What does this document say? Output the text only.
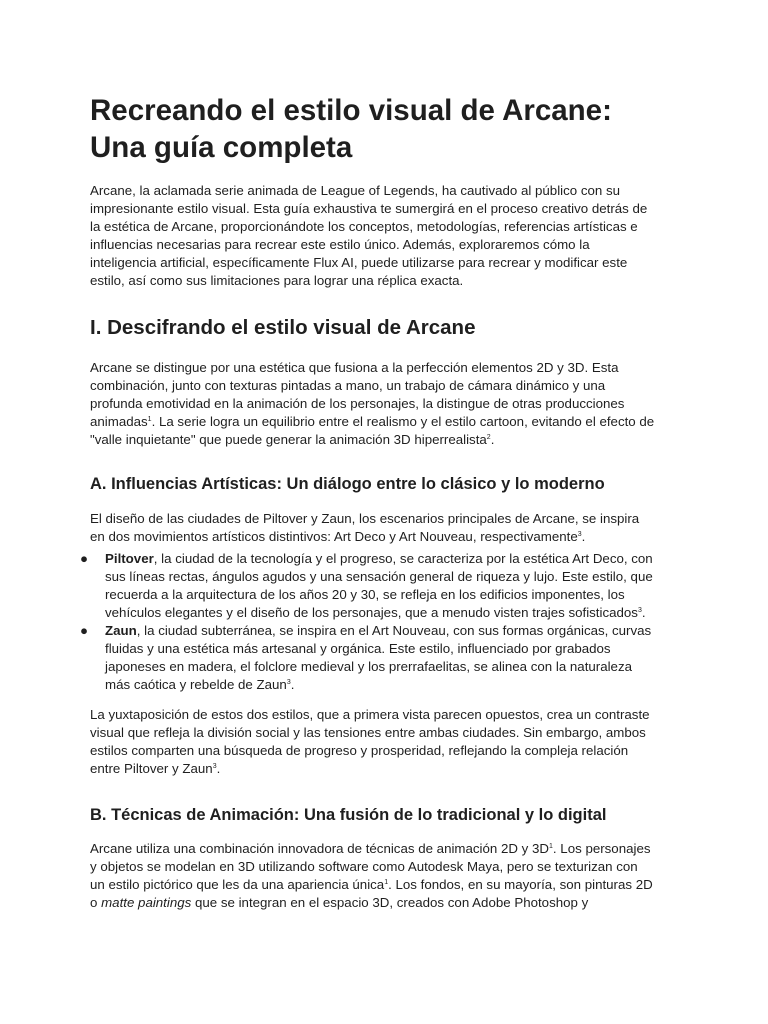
Recreando el estilo visual de Arcane:
Una guía completa

Arcane, la aclamada serie animada de League of Legends, ha cautivado al público con su
impresionante estilo visual. Esta guía exhaustiva te sumergirá en el proceso creativo detrás de
la estética de Arcane, proporcionándote los conceptos, metodologías, referencias artísticas e
influencias necesarias para recrear este estilo único. Además, exploraremos cómo la
inteligencia artificial, específicamente Flux AI, puede utilizarse para recrear y modificar este
estilo, así como sus limitaciones para lograr una réplica exacta.

I. Descifrando el estilo visual de Arcane

Arcane se distingue por una estética que fusiona a la perfección elementos 2D y 3D. Esta
combinación, junto con texturas pintadas a mano, un trabajo de cámara dinámico y una
profunda emotividad en la animación de los personajes, la distingue de otras producciones
animadas$^1$. La serie logra un equilibrio entre el realismo y el estilo cartoon, evitando el efecto de
"valle inquietante" que puede generar la animación 3D hiperrealista$^2$.

A. Influencias Artísticas: Un diálogo entre lo clásico y lo moderno

El diseño de las ciudades de Piltover y Zaun, los escenarios principales de Arcane, se inspira
en dos movimientos artísticos distintivos: Art Deco y Art Nouveau, respectivamente$^3$.

● Piltover, la ciudad de la tecnología y el progreso, se caracteriza por la estética Art Deco, con
sus líneas rectas, ángulos agudos y una sensación general de riqueza y lujo. Este estilo, que
recuerda a la arquitectura de los años 20 y 30, se refleja en los edificios imponentes, los
vehículos elegantes y el diseño de los personajes, que a menudo visten trajes sofisticados$^3$.
● Zaun, la ciudad subterránea, se inspira en el Art Nouveau, con sus formas orgánicas, curvas
fluidas y una estética más artesanal y orgánica. Este estilo, influenciado por grabados
japoneses en madera, el folclore medieval y los prerrafaelitas, se alinea con la naturaleza
más caótica y rebelde de Zaun$^3$.

La yuxtaposición de estos dos estilos, que a primera vista parecen opuestos, crea un contraste
visual que refleja la división social y las tensiones entre ambas ciudades. Sin embargo, ambos
estilos comparten una búsqueda de progreso y prosperidad, reflejando la compleja relación
entre Piltover y Zaun$^3$.

B. Técnicas de Animación: Una fusión de lo tradicional y lo digital

Arcane utiliza una combinación innovadora de técnicas de animación 2D y $3D^1$. Los personajes
y objetos se modelan en 3D utilizando software como Autodesk Maya, pero se texturizan con
un estilo pictórico que les da una apariencia única$^1$. Los fondos, en su mayoría, son pinturas 2D
o matte paintings que se integran en el espacio 3D, creados con Adobe Photoshop y
